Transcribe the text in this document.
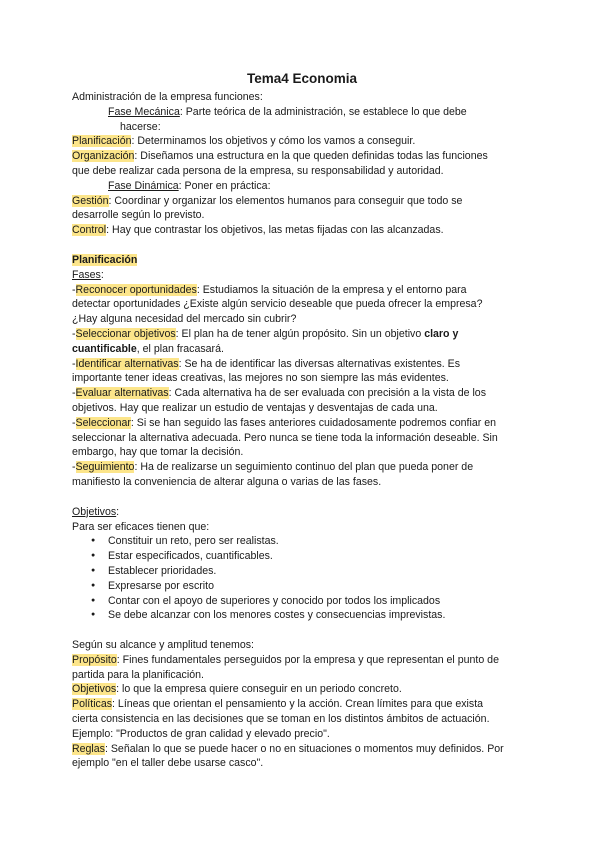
Tema4 Economia

Administración de la empresa funciones:

Fase Mecánica: Parte teórica de la administración, se establece lo que debe

hacerse:

Planificación: Determinamos los objetivos y cómo los vamos a conseguir.

Organización: Diseñamos una estructura en la que queden definidas todas las funciones

que debe realizar cada persona de la empresa, su responsabilidad y autoridad.

Fase Dinámica: Poner en práctica:

Gestión: Coordinar y organizar los elementos humanos para conseguir que todo se

desarrolle según lo previsto.

Control: Hay que contrastar los objetivos, las metas fijadas con las alcanzadas.

Planificación

Fases:

-Reconocer oportunidades: Estudiamos la situación de la empresa y el entorno para

detectar oportunidades ¿Existe algún servicio deseable que pueda ofrecer la empresa?

¿Hay alguna necesidad del mercado sin cubrir?

-Seleccionar objetivos: El plan ha de tener algún propósito. Sin un objetivo claro y

cuantificable, el plan fracasará.

-Identificar alternativas: Se ha de identificar las diversas alternativas existentes. Es

importante tener ideas creativas, las mejores no son siempre las más evidentes.

-Evaluar alternativas: Cada alternativa ha de ser evaluada con precisión a la vista de los

objetivos. Hay que realizar un estudio de ventajas y desventajas de cada una.

-Seleccionar: Si se han seguido las fases anteriores cuidadosamente podremos confiar en

seleccionar la alternativa adecuada. Pero nunca se tiene toda la información deseable. Sin

embargo, hay que tomar la decisión.

-Seguimiento: Ha de realizarse un seguimiento continuo del plan que pueda poner de

manifiesto la conveniencia de alterar alguna o varias de las fases.

Objetivos:

Para ser eficaces tienen que:

● Constituir un reto, pero ser realistas.
● Estar especificados, cuantificables.
● Establecer prioridades.
● Expresarse por escrito
● Contar con el apoyo de superiores y conocido por todos los implicados
● Se debe alcanzar con los menores costes y consecuencias imprevistas.

Según su alcance y amplitud tenemos:

Propósito: Fines fundamentales perseguidos por la empresa y que representan el punto de

partida para la planificación.

Objetivos: lo que la empresa quiere conseguir en un periodo concreto.

Políticas: Líneas que orientan el pensamiento y la acción. Crean límites para que exista

cierta consistencia en las decisiones que se toman en los distintos ámbitos de actuación.

Ejemplo: "Productos de gran calidad y elevado precio".

Reglas: Señalan lo que se puede hacer o no en situaciones o momentos muy definidos. Por

ejemplo "en el taller debe usarse casco".
